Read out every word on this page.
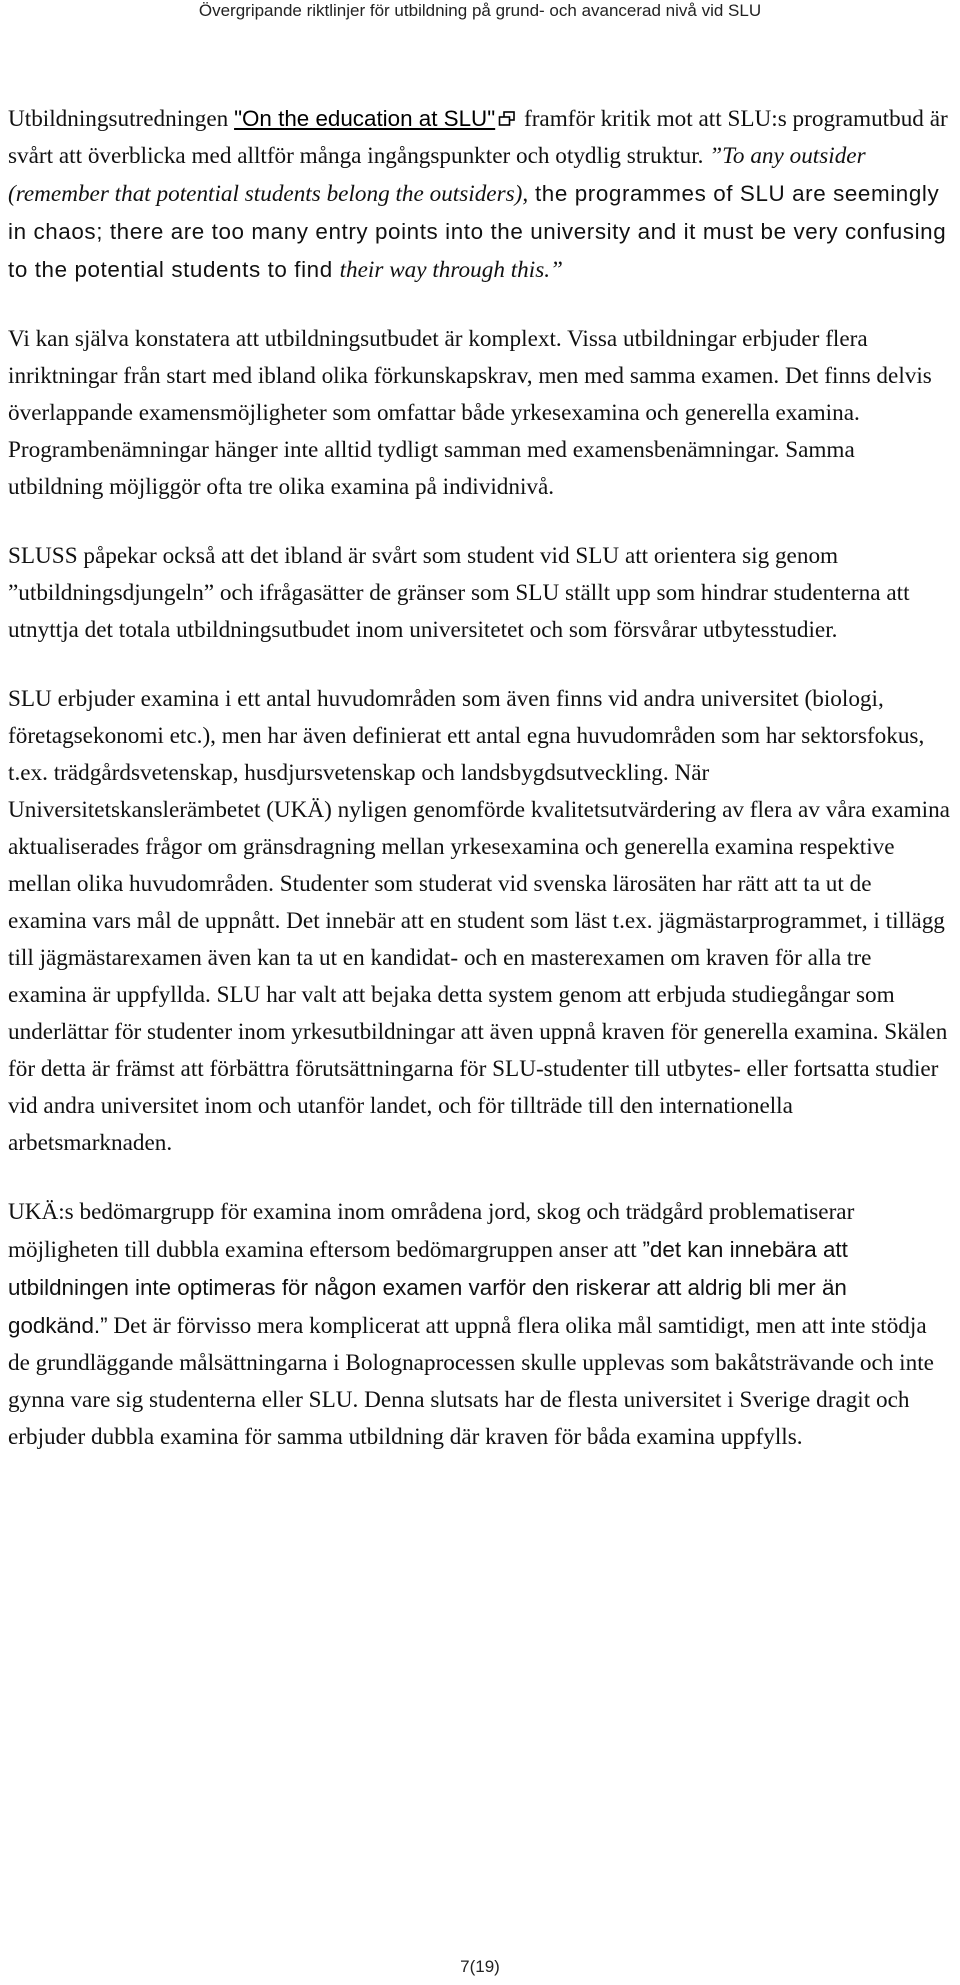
Övergripande riktlinjer för utbildning på grund- och avancerad nivå vid SLU

Utbildningsutredningen "On the education at SLU" framför kritik mot att SLU:s programutbud är svårt att överblicka med alltför många ingångspunkter och otydlig struktur. ”To any outsider (remember that potential students belong the outsiders), the programmes of SLU are seemingly in chaos; there are too many entry points into the university and it must be very confusing to the potential students to find their way through this.”

Vi kan själva konstatera att utbildningsutbudet är komplext. Vissa utbildningar erbjuder flera inriktningar från start med ibland olika förkunskapskrav, men med samma examen. Det finns delvis överlappande examensmöjligheter som omfattar både yrkesexamina och generella examina. Programbenämningar hänger inte alltid tydligt samman med examensbenämningar. Samma utbildning möjliggör ofta tre olika examina på individnivå.

SLUSS påpekar också att det ibland är svårt som student vid SLU att orientera sig genom ”utbildningsdjungeln” och ifrågasätter de gränser som SLU ställt upp som hindrar studenterna att utnyttja det totala utbildningsutbudet inom universitetet och som försvårar utbytesstudier.

SLU erbjuder examina i ett antal huvudområden som även finns vid andra universitet (biologi, företagsekonomi etc.), men har även definierat ett antal egna huvudområden som har sektorsfokus, t.ex. trädgårdsvetenskap, husdjursvetenskap och landsbygdsutveckling. När Universitetskanslerämbetet (UKÄ) nyligen genomförde kvalitetsutvärdering av flera av våra examina aktualiserades frågor om gränsdragning mellan yrkesexamina och generella examina respektive mellan olika huvudområden. Studenter som studerat vid svenska lärosäten har rätt att ta ut de examina vars mål de uppnått. Det innebär att en student som läst t.ex. jägmästarprogrammet, i tillägg till jägmästarexamen även kan ta ut en kandidat- och en masterexamen om kraven för alla tre examina är uppfyllda. SLU har valt att bejaka detta system genom att erbjuda studiegångar som underlättar för studenter inom yrkesutbildningar att även uppnå kraven för generella examina. Skälen för detta är främst att förbättra förutsättningarna för SLU-studenter till utbytes- eller fortsatta studier vid andra universitet inom och utanför landet, och för tillträde till den internationella arbetsmarknaden.

UKÄ:s bedömargrupp för examina inom områdena jord, skog och trädgård problematiserar möjligheten till dubbla examina eftersom bedömargruppen anser att ”det kan innebära att utbildningen inte optimeras för någon examen varför den riskerar att aldrig bli mer än godkänd.” Det är förvisso mera komplicerat att uppnå flera olika mål samtidigt, men att inte stödja de grundläggande målsättningarna i Bolognaprocessen skulle upplevas som bakåtsträvande och inte gynna vare sig studenterna eller SLU. Denna slutsats har de flesta universitet i Sverige dragit och erbjuder dubbla examina för samma utbildning där kraven för båda examina uppfylls.

7(19)
